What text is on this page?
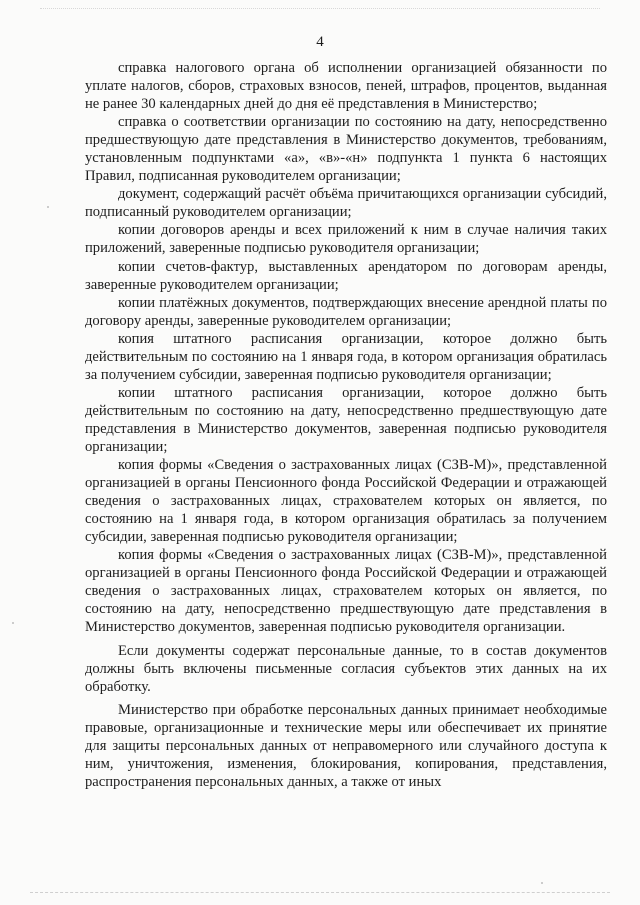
4

справка налогового органа об исполнении организацией обязанности по уплате налогов, сборов, страховых взносов, пеней, штрафов, процентов, выданная не ранее 30 календарных дней до дня её представления в Министерство;

справка о соответствии организации по состоянию на дату, непосредственно предшествующую дате представления в Министерство документов, требованиям, установленным подпунктами «а», «в»-«н» подпункта 1 пункта 6 настоящих Правил, подписанная руководителем организации;

документ, содержащий расчёт объёма причитающихся организации субсидий, подписанный руководителем организации;

копии договоров аренды и всех приложений к ним в случае наличия таких приложений, заверенные подписью руководителя организации;

копии счетов-фактур, выставленных арендатором по договорам аренды, заверенные руководителем организации;

копии платёжных документов, подтверждающих внесение арендной платы по договору аренды, заверенные руководителем организации;

копия штатного расписания организации, которое должно быть действительным по состоянию на 1 января года, в котором организация обратилась за получением субсидии, заверенная подписью руководителя организации;

копии штатного расписания организации, которое должно быть действительным по состоянию на дату, непосредственно предшествующую дате представления в Министерство документов, заверенная подписью руководителя организации;

копия формы «Сведения о застрахованных лицах (СЗВ-М)», представленной организацией в органы Пенсионного фонда Российской Федерации и отражающей сведения о застрахованных лицах, страхователем которых он является, по состоянию на 1 января года, в котором организация обратилась за получением субсидии, заверенная подписью руководителя организации;

копия формы «Сведения о застрахованных лицах (СЗВ-М)», представленной организацией в органы Пенсионного фонда Российской Федерации и отражающей сведения о застрахованных лицах, страхователем которых он является, по состоянию на дату, непосредственно предшествующую дате представления в Министерство документов, заверенная подписью руководителя организации.

Если документы содержат персональные данные, то в состав документов должны быть включены письменные согласия субъектов этих данных на их обработку.

Министерство при обработке персональных данных принимает необходимые правовые, организационные и технические меры или обеспечивает их принятие для защиты персональных данных от неправомерного или случайного доступа к ним, уничтожения, изменения, блокирования, копирования, представления, распространения персональных данных, а также от иных
